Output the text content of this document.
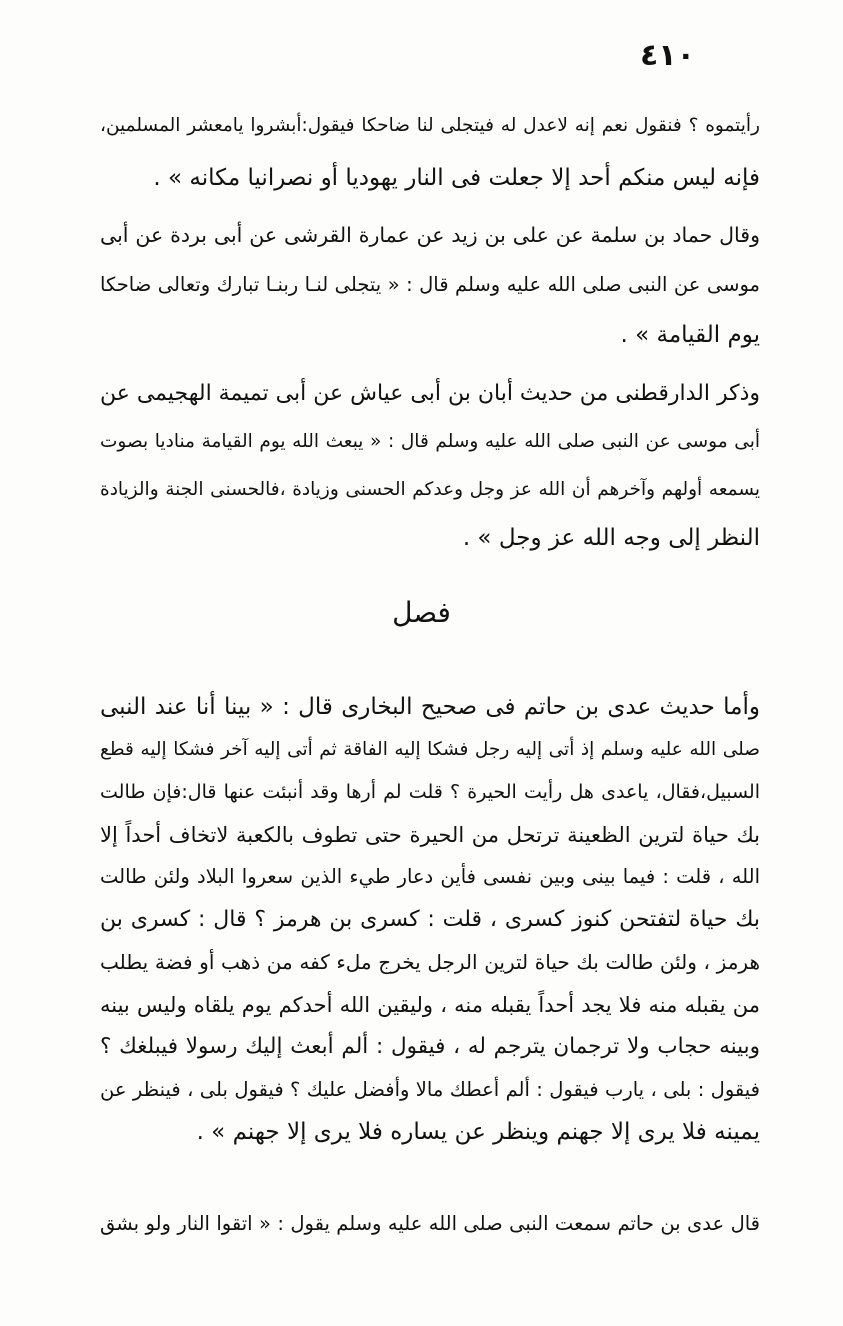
٤١٠
رأيتموه ؟ فنقول نعم إنه لاعدل له فيتجلى لنا ضاحكا فيقول:أبشروا يامعشر المسلمين،
فإنه ليس منكم أحد إلا جعلت فى النار يهوديا أو نصرانيا مكانه » .
وقال حماد بن سلمة عن على بن زيد عن عمارة القرشى عن أبى بردة عن أبى
موسى عن النبى صلى الله عليه وسلم قال : « يتجلى لنـا ربنـا تبارك وتعالى ضاحكا
يوم القيامة » .
وذكر الدارقطنى من حديث أبان بن أبى عياش عن أبى تميمة الهجيمى عن
أبى موسى عن النبى صلى الله عليه وسلم قال : « يبعث الله يوم القيامة مناديا بصوت
يسمعه أولهم وآخرهم أن الله عز وجل وعدكم الحسنى وزيادة ،فالحسنى الجنة والزيادة
النظر إلى وجه الله عز وجل » .
فصل
وأما حديث عدى بن حاتم فى صحيح البخارى قال : « بينا أنا عند النبى
صلى الله عليه وسلم إذ أتى إليه رجل فشكا إليه الفاقة ثم أتى إليه آخر فشكا إليه قطع
السبيل،فقال، ياعدى هل رأيت الحيرة ؟ قلت لم أرها وقد أنبئت عنها قال:فإن طالت
بك حياة لترين الظعينة ترتحل من الحيرة حتى تطوف بالكعبة لاتخاف أحداً إلا
الله ، قلت : فيما بينى وبين نفسى فأين دعار طيء الذين سعروا البلاد ولئن طالت
بك حياة لتفتحن كنوز كسرى ، قلت : كسرى بن هرمز ؟ قال : كسرى بن
هرمز ، ولئن طالت بك حياة لترين الرجل يخرج ملء كفه من ذهب أو فضة يطلب
من يقبله منه فلا يجد أحداً يقبله منه ، وليقين الله أحدكم يوم يلقاه وليس بينه
وبينه حجاب ولا ترجمان يترجم له ، فيقول : ألم أبعث إليك رسولا فيبلغك ؟
فيقول : بلى ، يارب فيقول : ألم أعطك مالا وأفضل عليك ؟ فيقول بلى ، فينظر عن
يمينه فلا يرى إلا جهنم وينظر عن يساره فلا يرى إلا جهنم » .
قال عدى بن حاتم سمعت النبى صلى الله عليه وسلم يقول : « اتقوا النار ولو بشق
